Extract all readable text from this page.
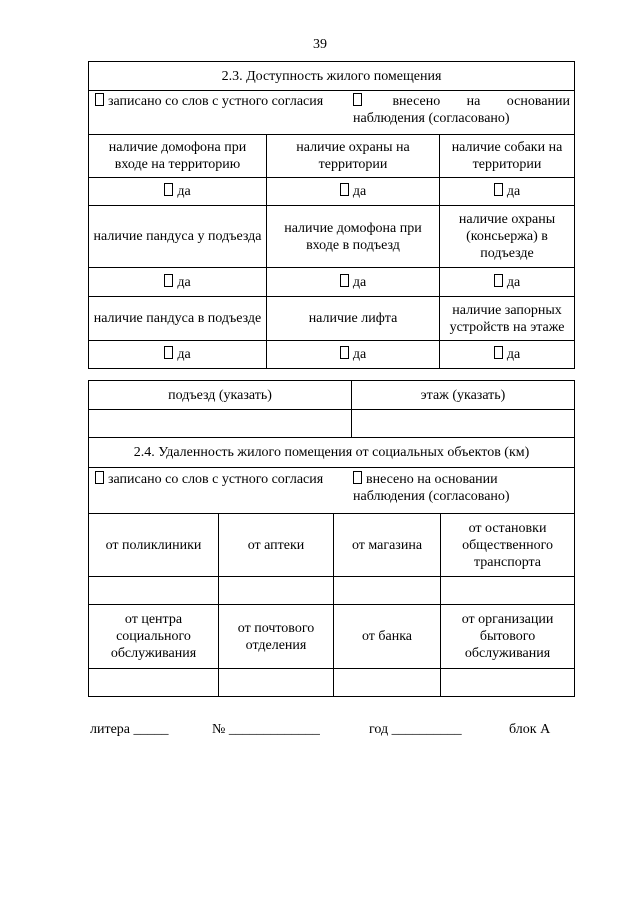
39
2.3. Доступность жилого помещения		

записано со слов с устного согласия внесено на основании
наблюдения (согласовано)		

наличие домофона при входе на территорию	наличие охраны на территории	наличие собаки на территории
да	да	да
наличие пандуса у подъезда	наличие домофона при входе в подъезд	наличие охраны (консьержа) в подъезде
да	да	да
наличие пандуса в подъезде	наличие лифта	наличие запорных устройств на этаже
да	да	да
подъезд (указать)	этаж (указать)

2.4. Удаленность жилого помещения от социальных объектов (км)			

записано со слов с устного согласия внесено на основании
наблюдения (согласовано)			

от поликлиники	от аптеки	от магазина	от остановки общественного транспорта

от центра социального обслуживания	от почтового отделения	от банка	от организации бытового обслуживания

литера _____	№ _____________	год __________	блок А
